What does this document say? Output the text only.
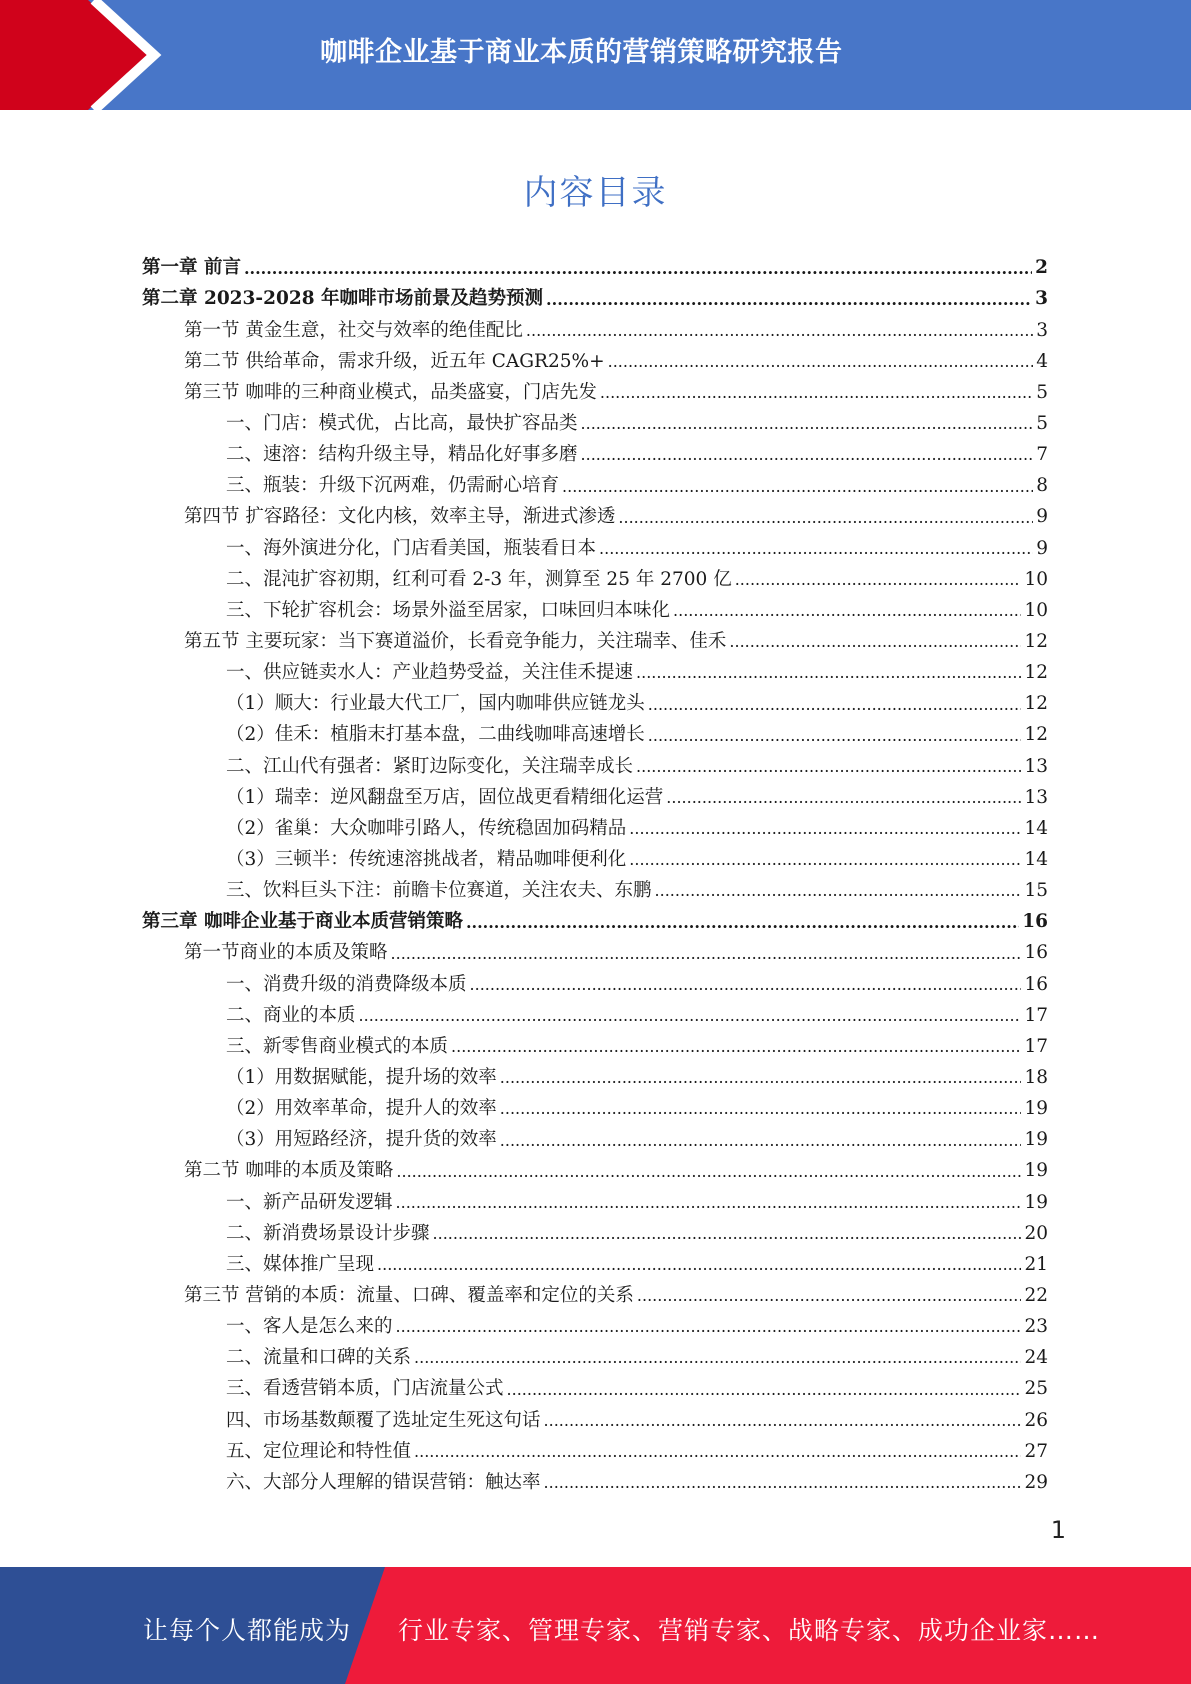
咖啡企业基于商业本质的营销策略研究报告
内容目录
第一章 前言 .....	2
第二章 2023-2028 年咖啡市场前景及趋势预测 .....	3
第一节 黄金生意，社交与效率的绝佳配比 .....	3
第二节 供给革命，需求升级，近五年 CAGR25%+ .....	4
第三节 咖啡的三种商业模式，品类盛宴，门店先发 .....	5
一、门店：模式优，占比高，最快扩容品类 .....	5
二、速溶：结构升级主导，精品化好事多磨 .....	7
三、瓶装：升级下沉两难，仍需耐心培育 .....	8
第四节 扩容路径：文化内核，效率主导，渐进式渗透 .....	9
一、海外演进分化，门店看美国，瓶装看日本 .....	9
二、混沌扩容初期，红利可看 2-3 年，测算至 25 年 2700 亿 .....	10
三、下轮扩容机会：场景外溢至居家，口味回归本味化 .....	10
第五节 主要玩家：当下赛道溢价，长看竞争能力，关注瑞幸、佳禾 .....	12
一、供应链卖水人：产业趋势受益，关注佳禾提速 .....	12
（1）顺大：行业最大代工厂，国内咖啡供应链龙头 .....	12
（2）佳禾：植脂末打基本盘，二曲线咖啡高速增长 .....	12
二、江山代有强者：紧盯边际变化，关注瑞幸成长 .....	13
（1）瑞幸：逆风翻盘至万店，固位战更看精细化运营 .....	13
（2）雀巢：大众咖啡引路人，传统稳固加码精品 .....	14
（3）三顿半：传统速溶挑战者，精品咖啡便利化 .....	14
三、饮料巨头下注：前瞻卡位赛道，关注农夫、东鹏 .....	15
第三章 咖啡企业基于商业本质营销策略 .....	16
第一节商业的本质及策略 .....	16
一、消费升级的消费降级本质 .....	16
二、商业的本质 .....	17
三、新零售商业模式的本质 .....	17
（1）用数据赋能，提升场的效率 .....	18
（2）用效率革命，提升人的效率 .....	19
（3）用短路经济，提升货的效率 .....	19
第二节 咖啡的本质及策略 .....	19
一、新产品研发逻辑 .....	19
二、新消费场景设计步骤 .....	20
三、媒体推广呈现 .....	21
第三节 营销的本质：流量、口碑、覆盖率和定位的关系 .....	22
一、客人是怎么来的 .....	23
二、流量和口碑的关系 .....	24
三、看透营销本质，门店流量公式 .....	25
四、市场基数颠覆了选址定生死这句话 .....	26
五、定位理论和特性值 .....	27
六、大部分人理解的错误营销：触达率 .....	29
1
让每个人都能成为 行业专家、管理专家、营销专家、战略专家、成功企业家……
